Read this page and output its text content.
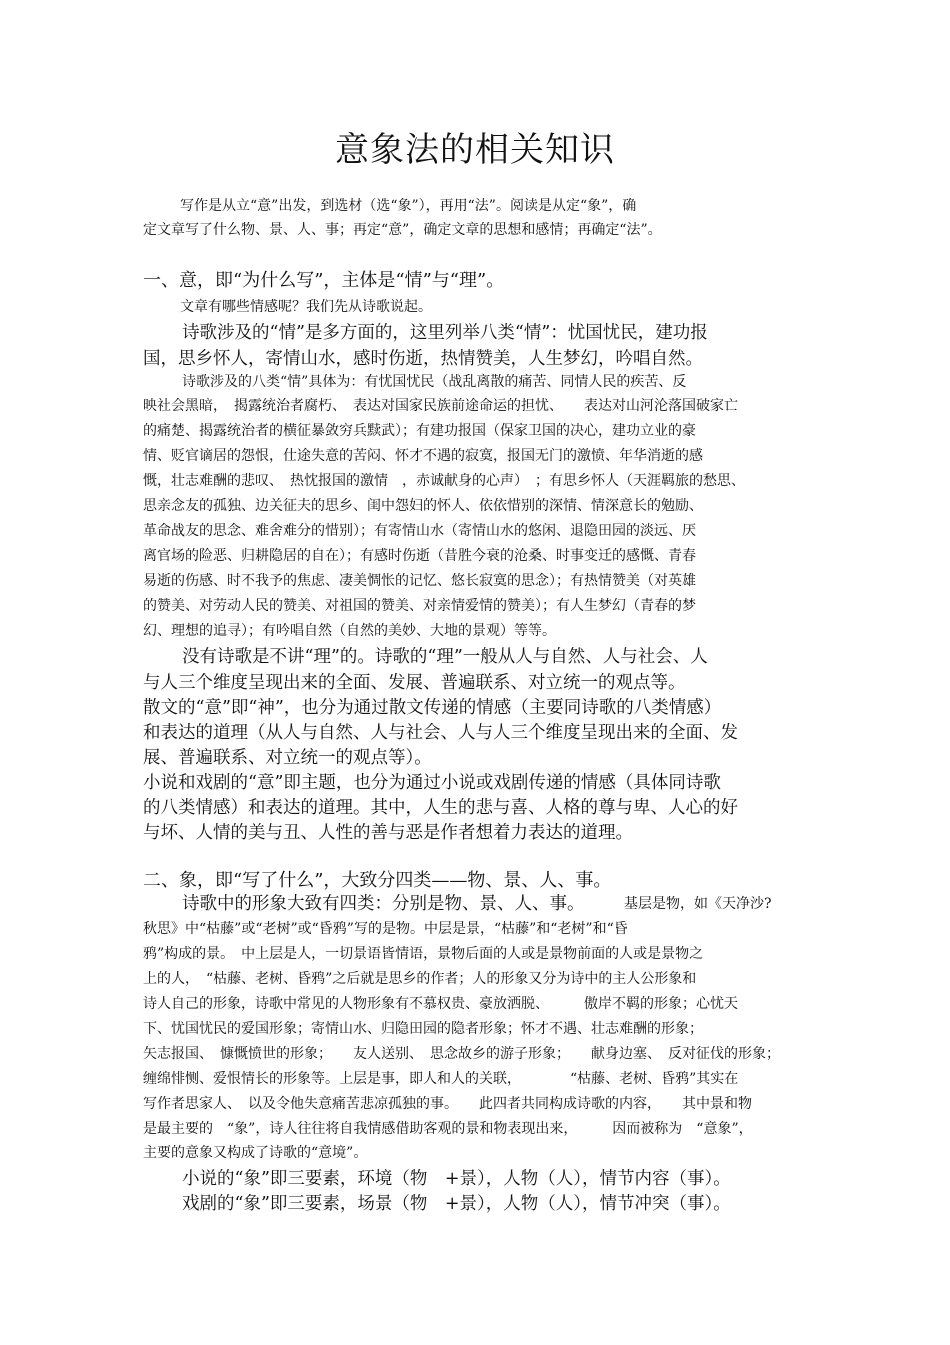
意象法的相关知识
写作是从立“意”出发，到选材（选“象”），再用“法”。阅读是从定“象”，确
定文章写了什么物、景、人、事；再定“意”，确定文章的思想和感情；再确定“法”。
一、意，即“为什么写”，主体是“情”与“理”。
文章有哪些情感呢？我们先从诗歌说起。
诗歌涉及的“情”是多方面的，这里列举八类“情”：忧国忧民，建功报
国，思乡怀人，寄情山水，感时伤逝，热情赞美，人生梦幻，吟唱自然。
诗歌涉及的八类“情”具体为：有忧国忧民（战乱离散的痛苦、同情人民的疾苦、反
映社会黑暗，　揭露统治者腐朽、　表达对国家民族前途命运的担忧、　　表达对山河沦落国破家亡
的痛楚、揭露统治者的横征暴敛穷兵黩武）；有建功报国（保家卫国的决心，建功立业的豪
情、贬官谪居的怨恨，仕途失意的苦闷、怀才不遇的寂寞，报国无门的激愤、年华消逝的感
慨，壮志难酬的悲叹、　热忱报国的激情　，赤诚献身的心声）　；有思乡怀人（天涯羁旅的愁思、
思亲念友的孤独、边关征夫的思乡、闺中怨妇的怀人、依依惜别的深情、情深意长的勉励、
革命战友的思念、难舍难分的惜别）；有寄情山水（寄情山水的悠闲、退隐田园的淡远、厌
离官场的险恶、归耕隐居的自在）；有感时伤逝（昔胜今衰的沧桑、时事变迁的感慨、青春
易逝的伤感、时不我予的焦虑、凄美惆怅的记忆、悠长寂寞的思念）；有热情赞美（对英雄
的赞美、对劳动人民的赞美、对祖国的赞美、对亲情爱情的赞美）；有人生梦幻（青春的梦
幻、理想的追寻）；有吟唱自然（自然的美妙、大地的景观）等等。
没有诗歌是不讲“理”的。诗歌的“理”一般从人与自然、人与社会、人
与人三个维度呈现出来的全面、发展、普遍联系、对立统一的观点等。
散文的“意”即“神”，也分为通过散文传递的情感（主要同诗歌的八类情感）
和表达的道理（从人与自然、人与社会、人与人三个维度呈现出来的全面、发
展、普遍联系、对立统一的观点等）。
小说和戏剧的“意”即主题，也分为通过小说或戏剧传递的情感（具体同诗歌
的八类情感）和表达的道理。其中，人生的悲与喜、人格的尊与卑、人心的好
与坏、人情的美与丑、人性的善与恶是作者想着力表达的道理。
二、象，即“写了什么”，大致分四类——物、景、人、事。
诗歌中的形象大致有四类：分别是物、景、人、事。	基层是物，如《天净沙?
秋思》中“枯藤”或“老树”或“昏鸦”写的是物。中层是景，“枯藤”和“老树”和“昏
鸦”构成的景。　中上层是人，一切景语皆情语，景物后面的人或是景物前面的人或是景物之
上的人，　“枯藤、老树、昏鸦”之后就是思乡的作者；人的形象又分为诗中的主人公形象和
诗人自己的形象，诗歌中常见的人物形象有不慕权贵、豪放洒脱、　　　傲岸不羁的形象；心忧天
下、忧国忧民的爱国形象；寄情山水、归隐田园的隐者形象；怀才不遇、壮志难酬的形象；
矢志报国、　慷慨愤世的形象；　　友人送别、　思念故乡的游子形象；　　献身边塞、　反对征伐的形象；
缠绵悱恻、爱恨情长的形象等。上层是事，即人和人的关联，　　　　“枯藤、老树、昏鸦”其实在
写作者思家人、　以及令他失意痛苦悲凉孤独的事。　　此四者共同构成诗歌的内容，　　其中景和物
是最主要的　“象”，诗人往往将自我情感借助客观的景和物表现出来，　　　因而被称为　“意象”，
主要的意象又构成了诗歌的“意境”。
小说的“象”即三要素，环境（物　+景），人物（人），情节内容（事）。
戏剧的“象”即三要素，场景（物　+景），人物（人），情节冲突（事）。
